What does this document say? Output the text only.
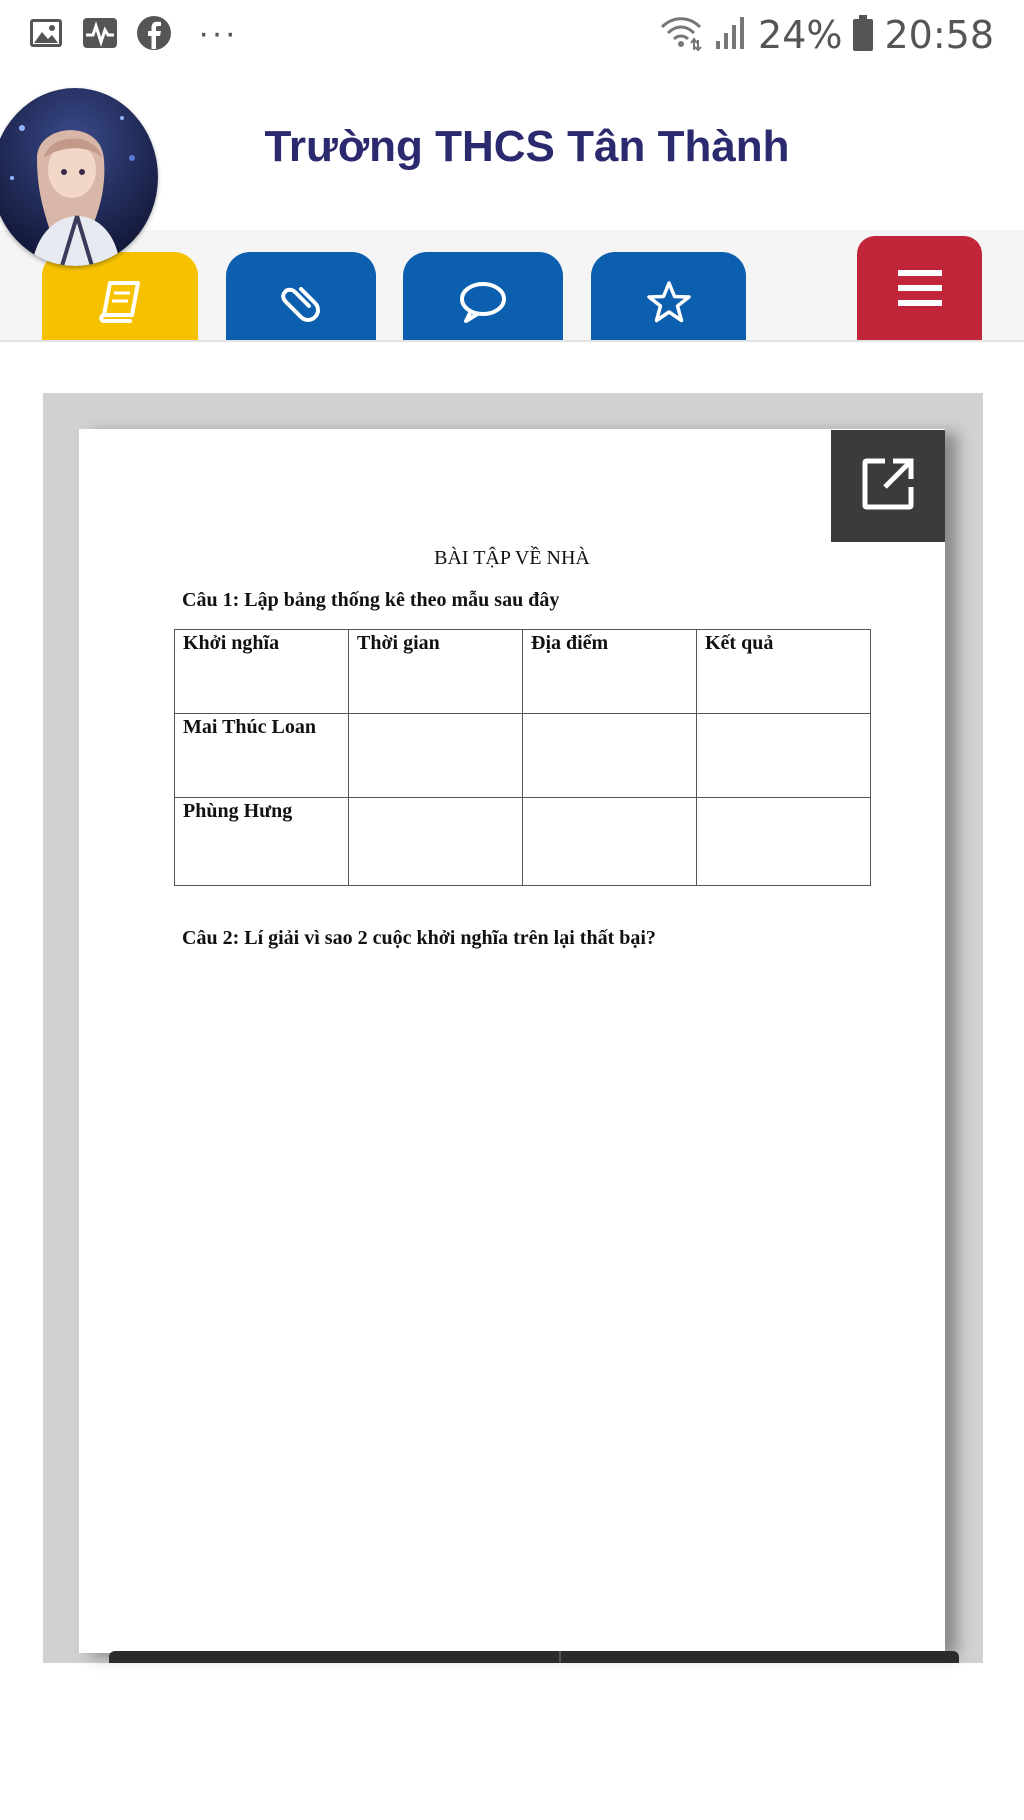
···	24% 20:58
Trường THCS Tân Thành
BÀI TẬP VỀ NHÀ
Câu 1: Lập bảng thống kê theo mẫu sau đây
Khởi nghĩa	Thời gian	Địa điểm	Kết quả
Mai Thúc Loan			
Phùng Hưng			
Câu 2: Lí giải vì sao 2 cuộc khởi nghĩa trên lại thất bại?
